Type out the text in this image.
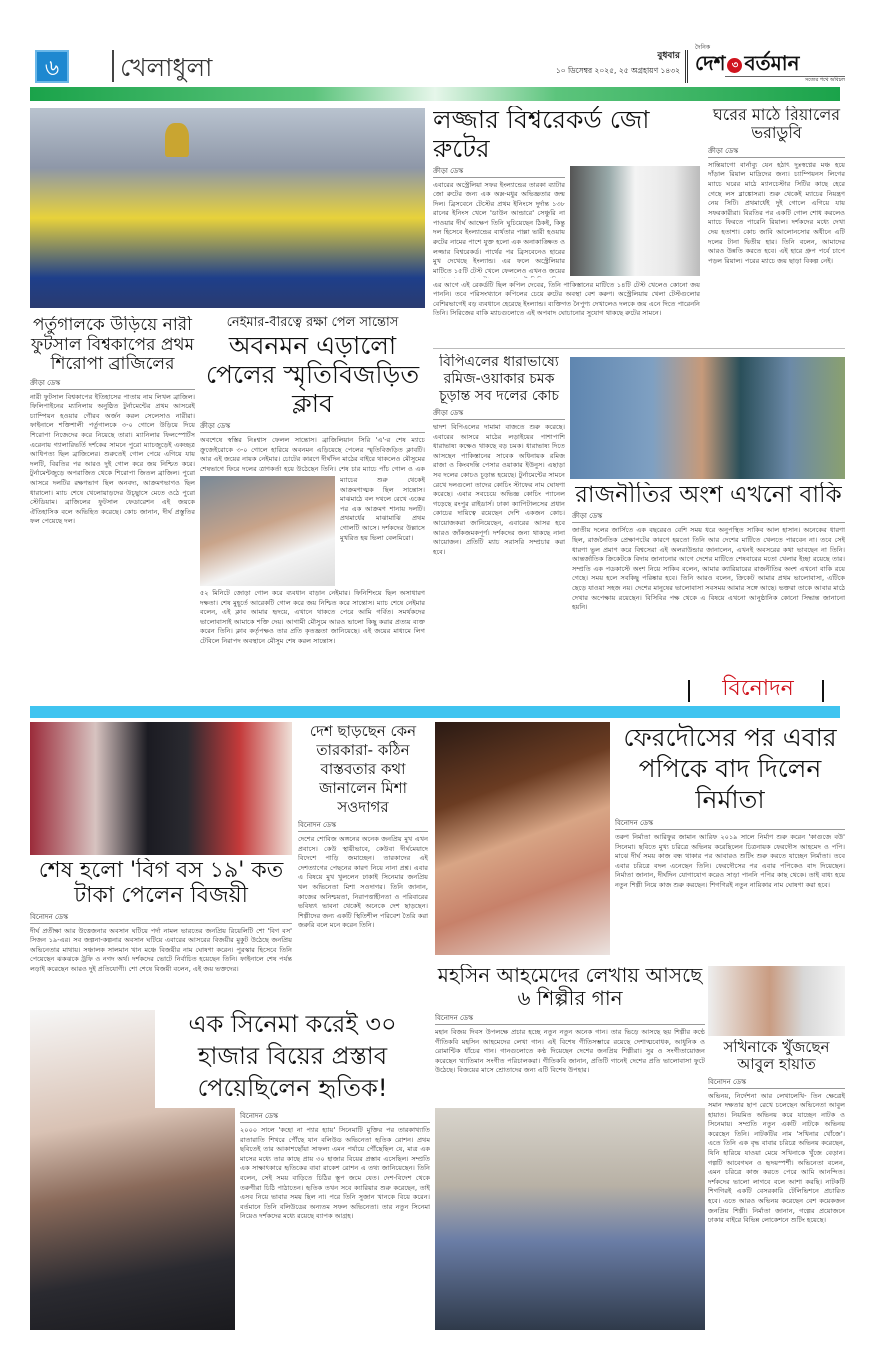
৬	খেলাধুলা	বুধবার
১০ ডিসেম্বর ২০২৫, ২৫ অগ্রহায়ণ ১৪৩২
দৈনিক
দেশ ৩ বর্তমান
সত্যের পথে অবিচল
পর্তুগালকে উড়িয়ে নারী ফুটসাল বিশ্বকাপের প্রথম শিরোপা ব্রাজিলের
ক্রীড়া ডেস্ক
নারী ফুটসাল বিশ্বকাপের ইতিহাসের পাতায় নাম লিখল ব্রাজিল। ফিলিপাইনের ম্যানিলায় অনুষ্ঠিত টুর্নামেন্টের প্রথম আসরেই চ্যাম্পিয়ন হওয়ার গৌরব অর্জন করল সেলেসাও নারীরা। ফাইনালে শক্তিশালী পর্তুগালকে ৩-০ গোলে উড়িয়ে দিয়ে শিরোপা নিজেদের করে নিয়েছে তারা। ম্যানিলার ফিলস্পোর্টস এরেনায় গ্যালারিভর্তি দর্শকের সামনে পুরো ম্যাচজুড়েই একচ্ছত্র আধিপত্য ছিল ব্রাজিলের। শুরুতেই গোল পেয়ে এগিয়ে যায় দলটি, বিরতির পর আরও দুই গোল করে জয় নিশ্চিত করে। টুর্নামেন্টজুড়ে অপরাজিত থেকে শিরোপা জিতল ব্রাজিল। পুরো আসরে দলটির রক্ষণভাগ ছিল অনবদ্য, আক্রমণভাগও ছিল ধারালো। ম্যাচ শেষে খেলোয়াড়দের উচ্ছ্বাসে মেতে ওঠে পুরো স্টেডিয়াম। ব্রাজিলের ফুটসাল ফেডারেশন এই জয়কে ঐতিহাসিক বলে অভিহিত করেছে। কোচ জানান, দীর্ঘ প্রস্তুতির ফল পেয়েছে দল।
নেইমার-বীরত্বে রক্ষা পেল সান্তোস
অবনমন এড়ালো পেলের স্মৃতিবিজড়িত ক্লাব
ক্রীড়া ডেস্ক
অবশেষে স্বস্তির নিঃশ্বাস ফেলল সান্তোস। ব্রাজিলিয়ান সিরি 'এ'-র শেষ ম্যাচে ক্রুজেইরোকে ৩-০ গোলে হারিয়ে অবনমন এড়িয়েছে পেলের স্মৃতিবিজড়িত ক্লাবটি। আর এই জয়ের নায়ক নেইমার। চোটের কারণে দীর্ঘদিন মাঠের বাইরে থাকলেও মৌসুমের শেষভাগে ফিরে দলের ত্রাণকর্তা হয়ে উঠেছেন তিনি। শেষ চার ম্যাচে পাঁচ গোল ও এক
ম্যাচের শুরু থেকেই আক্রমণাত্মক ছিল সান্তোস। মাঝমাঠে বল দখলে রেখে একের পর এক আক্রমণ শানায় দলটি। প্রথমার্ধের মাঝামাঝি প্রথম গোলটি আসে। দর্শকদের উল্লাসে মুখরিত হয় ভিলা বেলমিরো।
৫২ মিনিটে জোড়া গোল করে ব্যবধান বাড়ান নেইমার। ফিনিশিংয়ে ছিল অসাধারণ দক্ষতা। শেষ মুহূর্তে আরেকটি গোল করে জয় নিশ্চিত করে সান্তোস। ম্যাচ শেষে নেইমার বলেন, এই ক্লাব আমার হৃদয়ে, এখানে থাকতে পেরে আমি গর্বিত। সমর্থকদের ভালোবাসাই আমাকে শক্তি দেয়। আগামী মৌসুমে আরও ভালো কিছু করার প্রত্যয় ব্যক্ত করেন তিনি। ক্লাব কর্তৃপক্ষও তার প্রতি কৃতজ্ঞতা জানিয়েছে। এই জয়ের মাধ্যমে লিগ টেবিলে নিরাপদ অবস্থানে মৌসুম শেষ করল সান্তোস।
লজ্জার বিশ্বরেকর্ড জো রুটের
ক্রীড়া ডেস্ক
এবারের অস্ট্রেলিয়া সফর ইংল্যান্ডের তারকা ব্যাটার জো রুটের জন্য এক অম্ল-মধুর অভিজ্ঞতার জন্ম দিল। ব্রিসবেনে টেস্টের প্রথম ইনিংসে দুর্দান্ত ১৩৮ রানের ইনিংস খেলে 'ডাউন আন্ডারে' সেঞ্চুরি না পাওয়ার দীর্ঘ আক্ষেপ তিনি ঘুচিয়েছেন ঠিকই, কিন্তু দল হিসেবে ইংল্যান্ডের ব্যর্থতার পাল্লা ভারী হওয়ায় রুটের নামের পাশে যুক্ত হলো এক অনাকাঙ্ক্ষিত ও লজ্জার বিশ্বরেকর্ড। পার্থের পর ব্রিসবেনেও হারের মুখ দেখেছে ইংল্যান্ড। এর ফলে অস্ট্রেলিয়ার মাটিতে ১৫টি টেস্ট খেলে ফেললেও এখনও জয়ের
এর আগে এই রেকর্ডটি ছিল কপিল দেবের, তিনি পাকিস্তানের মাটিতে ১৪টি টেস্ট খেলেও কোনো জয় পাননি। তবে পরিসংখ্যানে কপিলের চেয়ে রুটের অবস্থা বেশ করুণ। অস্ট্রেলিয়ায় খেলা টেস্টগুলোর বেশিরভাগেই বড় ব্যবধানে হেরেছে ইংল্যান্ড। ব্যক্তিগত নৈপুণ্য দেখালেও দলকে জয় এনে দিতে পারেননি তিনি। সিরিজের বাকি ম্যাচগুলোতে এই অপবাদ ঘোচানোর সুযোগ থাকছে রুটের সামনে।
ঘরের মাঠে রিয়ালের ভরাডুবি
ক্রীড়া ডেস্ক
সান্তিয়াগো বার্নাব্যু যেন হঠাৎ দুঃস্বপ্নের মঞ্চ হয়ে দাঁড়াল রিয়াল মাদ্রিদের জন্য। চ্যাম্পিয়নস লিগের ম্যাচে ঘরের মাঠে ম্যানচেস্টার সিটির কাছে হেরে গেছে লস ব্লাঙ্কোসরা। শুরু থেকেই ম্যাচের নিয়ন্ত্রণ নেয় সিটি। প্রথমার্ধেই দুই গোলে এগিয়ে যায় সফরকারীরা। বিরতির পর একটি গোল শোধ করলেও ম্যাচে ফিরতে পারেনি রিয়াল। দর্শকদের মধ্যে দেখা দেয় হতাশা। কোচ জাবি আলোনসোর অধীনে এটি দলের টানা দ্বিতীয় হার। তিনি বলেন, আমাদের আরও উন্নতি করতে হবে। এই হারে গ্রুপ পর্বে চাপে পড়ল রিয়াল। পরের ম্যাচে জয় ছাড়া বিকল্প নেই।
বিপিএলের ধারাভাষ্যে রমিজ-ওয়াকার চমক চূড়ান্ত সব দলের কোচ
ক্রীড়া ডেস্ক
দ্বাদশ বিপিএলের দামামা বাজতে শুরু করেছে। এবারের আসরে মাঠের লড়াইয়ের পাশাপাশি ধারাভাষ্য কক্ষেও থাকছে বড় চমক। ধারাভাষ্য দিতে আসছেন পাকিস্তানের সাবেক অধিনায়ক রমিজ রাজা ও কিংবদন্তি পেসার ওয়াকার ইউনুস। এছাড়া সব দলের কোচও চূড়ান্ত হয়েছে। টুর্নামেন্টের সামনে রেখে দলগুলো তাদের কোচিং স্টাফের নাম ঘোষণা করেছে। এবার সবচেয়ে অভিজ্ঞ কোচিং প্যানেল গড়েছে রংপুর রাইডার্স। ঢাকা ক্যাপিটালসের প্রধান কোচের দায়িত্বে রয়েছেন দেশি একজন কোচ। আয়োজকরা জানিয়েছেন, এবারের আসর হবে আরও জাঁকজমকপূর্ণ। দর্শকদের জন্য থাকছে নানা আয়োজন। প্রতিটি ম্যাচ সরাসরি সম্প্রচার করা হবে।
রাজনীতির অংশ এখনো বাকি
ক্রীড়া ডেস্ক
জাতীয় দলের জার্সিতে এক বছরেরও বেশি সময় ধরে অনুপস্থিত সাকিব আল হাসান। অনেকের ধারণা ছিল, রাজনৈতিক প্রেক্ষাপটের কারণে হয়তো তিনি আর দেশের মাটিতে খেলতে পারবেন না। তবে সেই ধারণা ভুল প্রমাণ করে বিশ্বসেরা এই অলরাউন্ডার জানালেন, এখনই অবসরের কথা ভাবছেন না তিনি। আন্তর্জাতিক ক্রিকেটকে বিদায় জানানোর আগে দেশের মাটিতে শেষবারের মতো খেলার ইচ্ছা রয়েছে তার। সম্প্রতি এক পডকাস্টে অংশ নিয়ে সাকিব বলেন, আমার ক্যারিয়ারের রাজনীতির অংশ এখনো বাকি রয়ে গেছে। সময় হলে সবকিছু পরিষ্কার হবে। তিনি আরও বলেন, ক্রিকেট আমার প্রথম ভালোবাসা, এটিকে ছেড়ে যাওয়া সহজ নয়। দেশের মানুষের ভালোবাসা সবসময় আমার সঙ্গে আছে। ভক্তরা তাকে আবার মাঠে দেখার অপেক্ষায় রয়েছেন। বিসিবির পক্ষ থেকে এ বিষয়ে এখনো আনুষ্ঠানিক কোনো সিদ্ধান্ত জানানো হয়নি।
বিনোদন
শেষ হলো 'বিগ বস ১৯' কত টাকা পেলেন বিজয়ী
বিনোদন ডেস্ক
দীর্ঘ প্রতীক্ষা আর উত্তেজনার অবসান ঘটিয়ে পর্দা নামল ভারতের জনপ্রিয় রিয়েলিটি শো 'বিগ বস' সিজন ১৯-এর। সব জল্পনা-কল্পনার অবসান ঘটিয়ে এবারের আসরের বিজয়ীর মুকুট উঠেছে জনপ্রিয় অভিনেতার মাথায়। সঞ্চালক সালমান খান মঞ্চে বিজয়ীর নাম ঘোষণা করেন। পুরস্কার হিসেবে তিনি পেয়েছেন ঝকঝকে ট্রফি ও নগদ অর্থ। দর্শকদের ভোটে নির্বাচিত হয়েছেন তিনি। ফাইনালে শেষ পর্যন্ত লড়াই করেছেন আরও দুই প্রতিযোগী। শো শেষে বিজয়ী বলেন, এই জয় ভক্তদের।
দেশ ছাড়ছেন কেন তারকারা- কঠিন বাস্তবতার কথা জানালেন মিশা সওদাগর
বিনোদন ডেস্ক
দেশের শোবিজ অঙ্গনের অনেক জনপ্রিয় মুখ এখন প্রবাসে। কেউ স্থায়ীভাবে, কেউবা দীর্ঘমেয়াদে বিদেশে পাড়ি জমাচ্ছেন। তারকাদের এই দেশত্যাগের পেছনের কারণ নিয়ে নানা প্রশ্ন। এবার এ বিষয়ে মুখ খুললেন ঢাকাই সিনেমার জনপ্রিয় খল অভিনেতা মিশা সওদাগর। তিনি জানান, কাজের অনিশ্চয়তা, নিরাপত্তাহীনতা ও পরিবারের ভবিষ্যৎ ভাবনা থেকেই অনেকে দেশ ছাড়ছেন। শিল্পীদের জন্য একটি স্থিতিশীল পরিবেশ তৈরি করা জরুরি বলে মনে করেন তিনি।
ফেরদৌসের পর এবার পপিকে বাদ দিলেন নির্মাতা
বিনোদন ডেস্ক
তরুণ নির্মাতা আরিফুর জামান আরিফ ২০১৯ সালে নির্মাণ শুরু করেন 'কাগুজে বউ' সিনেমা। ছবিতে মুখ্য চরিত্রে অভিনয় করেছিলেন চিত্রনায়ক ফেরদৌস আহমেদ ও পপি। মাঝে দীর্ঘ সময় কাজ বন্ধ থাকার পর আবারও শুটিং শুরু করতে যাচ্ছেন নির্মাতা। তবে এবার চরিত্রে বদল এনেছেন তিনি। ফেরদৌসের পর এবার পপিকেও বাদ দিয়েছেন। নির্মাতা জানান, দীর্ঘদিন যোগাযোগ করেও সাড়া পাননি পপির কাছ থেকে। তাই বাধ্য হয়ে নতুন শিল্পী নিয়ে কাজ শুরু করছেন। শিগগিরই নতুন নায়িকার নাম ঘোষণা করা হবে।
মহসিন আহমেদের লেখায় আসছে ৬ শিল্পীর গান
বিনোদন ডেস্ক
মহান বিজয় দিবস উপলক্ষে প্রচার হচ্ছে নতুন নতুন অনেক গান। তার ভিড়ে আসছে ছয় শিল্পীর কণ্ঠে গীতিকবি মহসিন আহমেদের লেখা গান। এই বিশেষ গীতিসম্ভারে রয়েছে দেশাত্মবোধক, আধুনিক ও রোমান্টিক ধাঁচের গান। গানগুলোতে কণ্ঠ দিয়েছেন দেশের জনপ্রিয় শিল্পীরা। সুর ও সংগীতায়োজন করেছেন খ্যাতিমান সংগীত পরিচালকরা। গীতিকবি জানান, প্রতিটি গানেই দেশের প্রতি ভালোবাসা ফুটে উঠেছে। বিজয়ের মাসে শ্রোতাদের জন্য এটি বিশেষ উপহার।
সখিনাকে খুঁজছেন আবুল হায়াত
বিনোদন ডেস্ক
অভিনয়, নির্দেশনা আর লেখালেখি- তিন ক্ষেত্রেই সমান দক্ষতার ছাপ রেখে চলেছেন অভিনেতা আবুল হায়াত। নিয়মিত অভিনয় করে যাচ্ছেন নাটক ও সিনেমায়। সম্প্রতি নতুন একটি নাটকে অভিনয় করেছেন তিনি। নাটকটির নাম 'সখিনার খোঁজে'। এতে তিনি এক বৃদ্ধ বাবার চরিত্রে অভিনয় করেছেন, যিনি হারিয়ে যাওয়া মেয়ে সখিনাকে খুঁজে বেড়ান। গল্পটি আবেগঘন ও হৃদয়স্পর্শী। অভিনেতা বলেন, এমন চরিত্রে কাজ করতে পেরে আমি আনন্দিত। দর্শকদের ভালো লাগবে বলে আশা করছি। নাটকটি শিগগিরই একটি বেসরকারি টেলিভিশনে প্রচারিত হবে। এতে আরও অভিনয় করেছেন বেশ কয়েকজন জনপ্রিয় শিল্পী। নির্মাতা জানান, গল্পের প্রয়োজনে ঢাকার বাইরে বিভিন্ন লোকেশনে শুটিং হয়েছে।
এক সিনেমা করেই ৩০ হাজার বিয়ের প্রস্তাব পেয়েছিলেন হৃতিক!
বিনোদন ডেস্ক
২০০০ সালে 'কহো না প্যার হ্যায়' সিনেমাটি মুক্তির পর তারকাখ্যাতি রাতারাতি শিখরে পৌঁছে যান বলিউড অভিনেতা হৃতিক রোশন। প্রথম ছবিতেই তার আকাশছোঁয়া সাফল্য এমন পর্যায়ে পৌঁছেছিল যে, মাত্র এক মাসের মধ্যে তার কাছে প্রায় ৩০ হাজার বিয়ের প্রস্তাব এসেছিল। সম্প্রতি এক সাক্ষাৎকারে হৃতিকের বাবা রাকেশ রোশন এ তথ্য জানিয়েছেন। তিনি বলেন, সেই সময় বাড়িতে চিঠির স্তূপ জমে যেত। দেশ-বিদেশ থেকে তরুণীরা চিঠি পাঠাতেন। হৃতিক তখন সবে ক্যারিয়ার শুরু করেছেন, তাই এসব নিয়ে ভাবার সময় ছিল না। পরে তিনি সুজান খানকে বিয়ে করেন। বর্তমানে তিনি বলিউডের অন্যতম সফল অভিনেতা। তার নতুন সিনেমা নিয়েও দর্শকদের মধ্যে রয়েছে ব্যাপক আগ্রহ।
